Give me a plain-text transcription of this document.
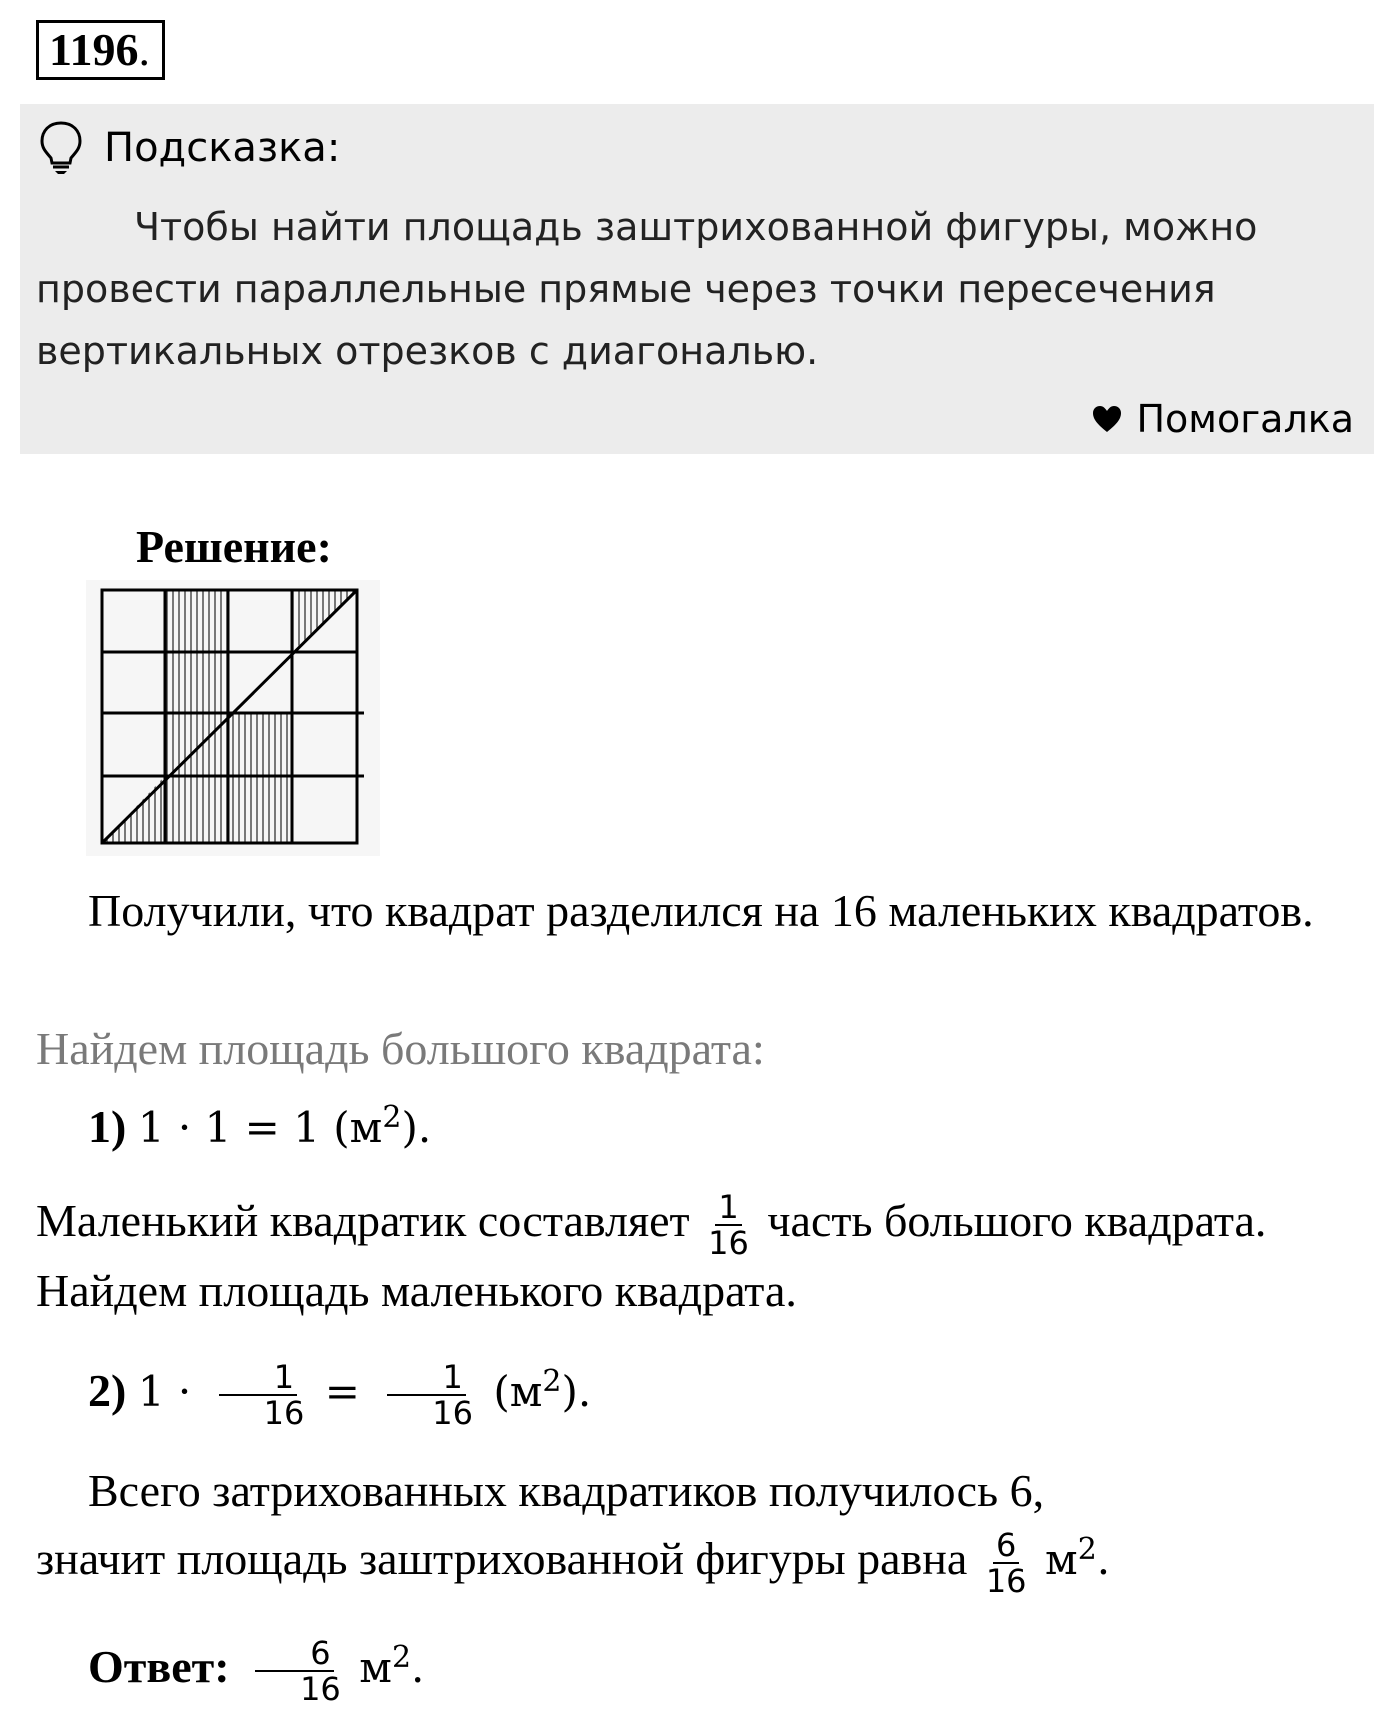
1196.
Подсказка:
Чтобы найти площадь заштрихованной фигуры, можно провести параллельные прямые через точки пересечения вертикальных отрезков с диагональю.
Помогалка
Решение:
Получили, что квадрат разделился на 16 маленьких квадратов.
Найдем площадь большого квадрата:
1) 1 · 1 = 1 $(м^2)$.
Маленький квадратик составляет $\frac{1}{16}$ часть большого квадрата. Найдем площадь маленького квадрата.
2) $1 \cdot \frac{1}{16} = \frac{1}{16} (м^2)$.
Всего затрихованных квадратиков получилось 6,
значит площадь заштрихованной фигуры равна $\frac{6}{16} м^2$.
Ответ: $\frac{6}{16} м^2$.
